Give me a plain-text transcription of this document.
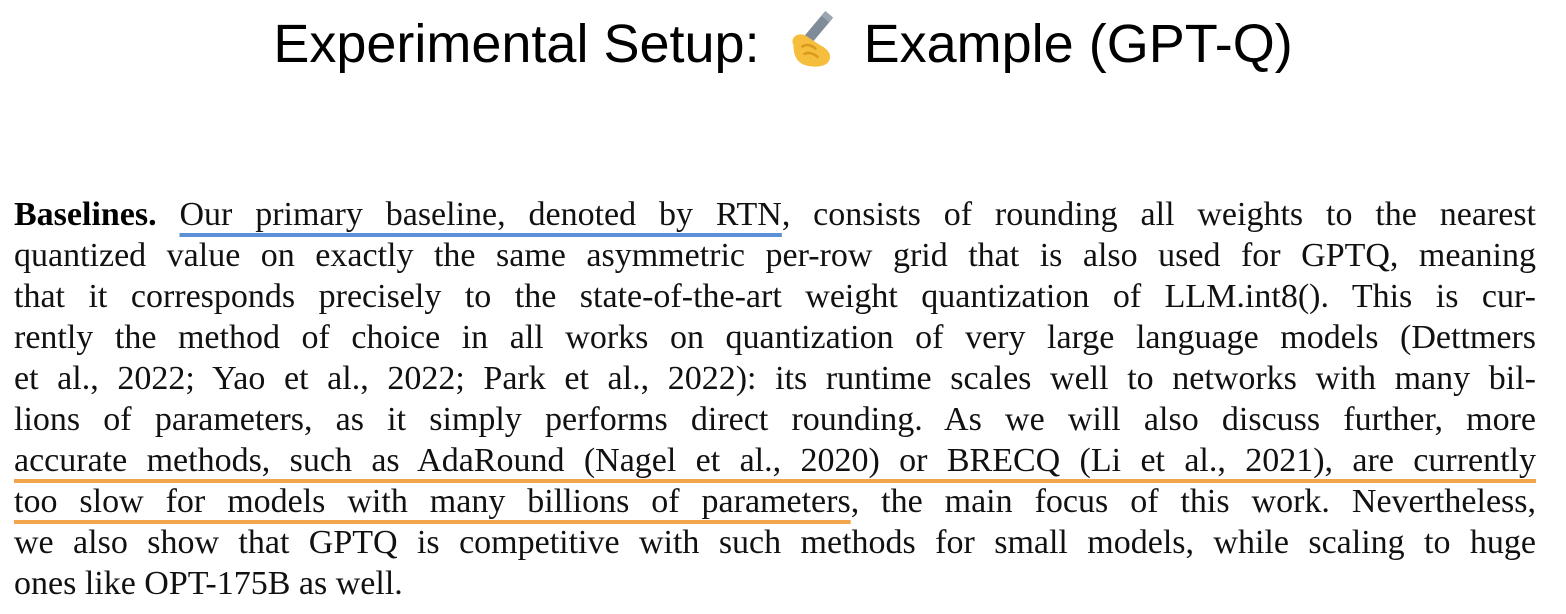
Experimental Setup: Example (GPT-Q)
Baselines. Our primary baseline, denoted by RTN, consists of rounding all weights to the nearest
quantized value on exactly the same asymmetric per-row grid that is also used for GPTQ, meaning
that it corresponds precisely to the state-of-the-art weight quantization of LLM.int8(). This is cur-
rently the method of choice in all works on quantization of very large language models (Dettmers
et al., 2022; Yao et al., 2022; Park et al., 2022): its runtime scales well to networks with many bil-
lions of parameters, as it simply performs direct rounding. As we will also discuss further, more
accurate methods, such as AdaRound (Nagel et al., 2020) or BRECQ (Li et al., 2021), are currently
too slow for models with many billions of parameters, the main focus of this work. Nevertheless,
we also show that GPTQ is competitive with such methods for small models, while scaling to huge
ones like OPT-175B as well.
